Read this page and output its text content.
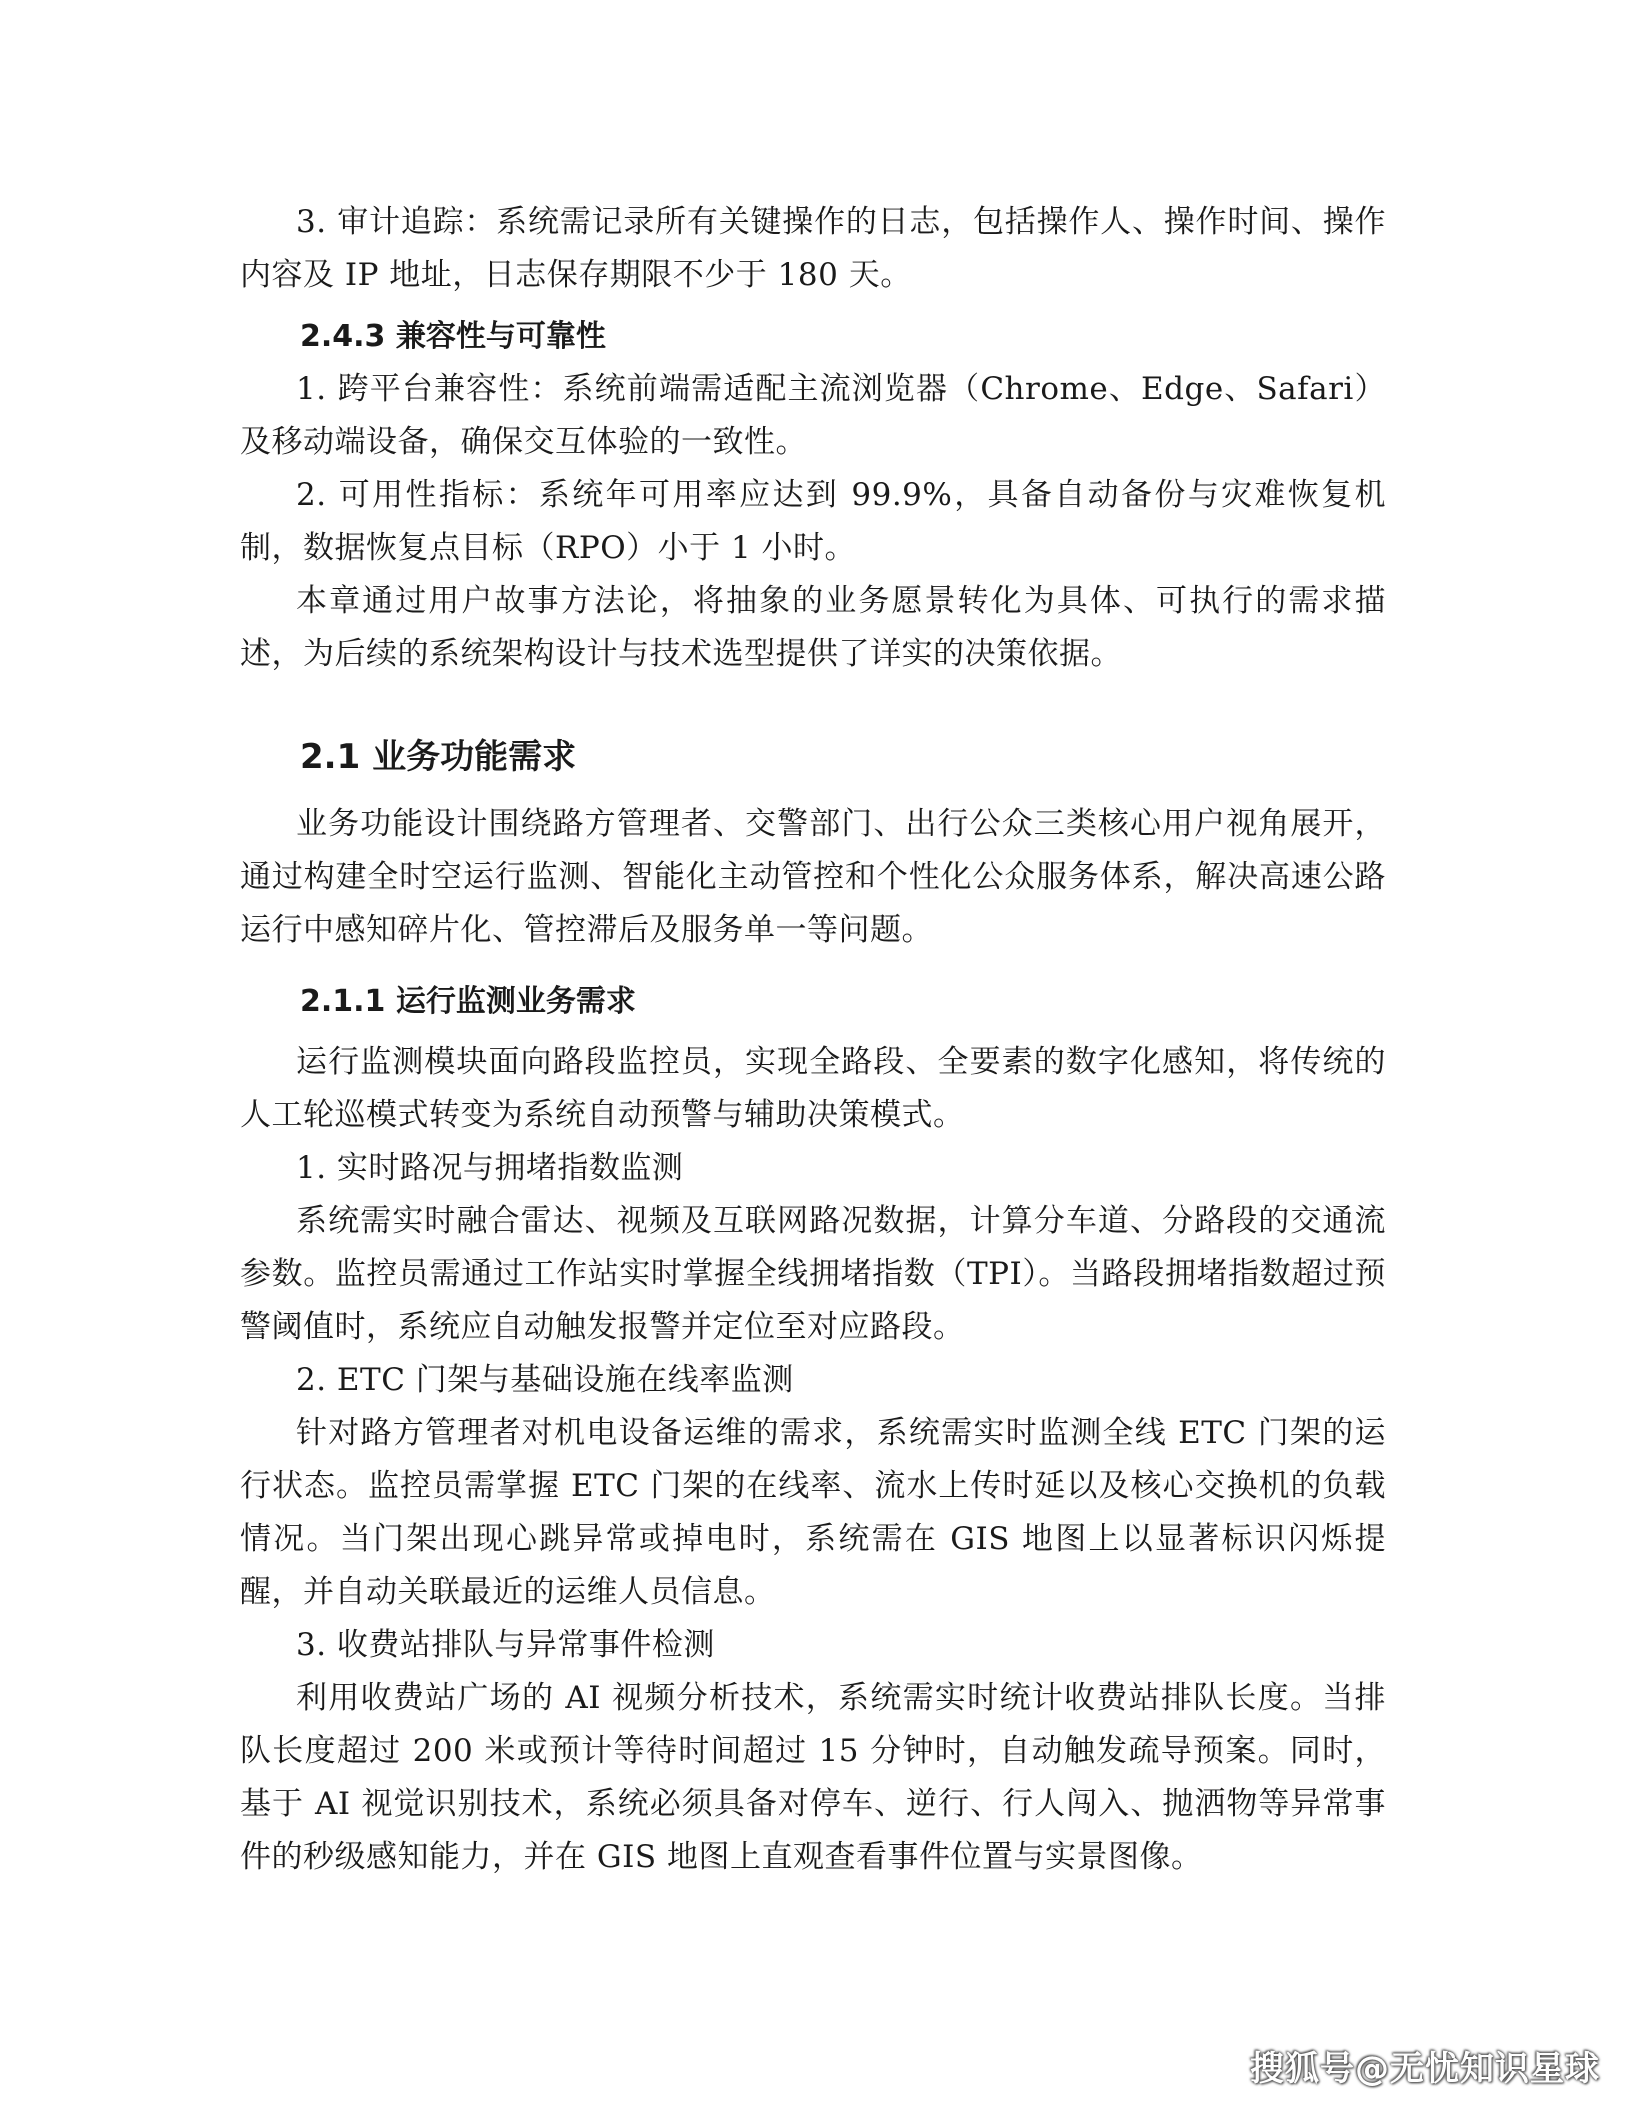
3. 审计追踪：系统需记录所有关键操作的日志，包括操作人、操作时间、操作内容及 IP 地址，日志保存期限不少于 180 天。

2.4.3 兼容性与可靠性

1. 跨平台兼容性：系统前端需适配主流浏览器（Chrome、Edge、Safari）及移动端设备，确保交互体验的一致性。

2. 可用性指标：系统年可用率应达到 99.9%，具备自动备份与灾难恢复机制，数据恢复点目标（RPO）小于 1 小时。

本章通过用户故事方法论，将抽象的业务愿景转化为具体、可执行的需求描述，为后续的系统架构设计与技术选型提供了详实的决策依据。

2.1 业务功能需求

业务功能设计围绕路方管理者、交警部门、出行公众三类核心用户视角展开，通过构建全时空运行监测、智能化主动管控和个性化公众服务体系，解决高速公路运行中感知碎片化、管控滞后及服务单一等问题。

2.1.1 运行监测业务需求

运行监测模块面向路段监控员，实现全路段、全要素的数字化感知，将传统的人工轮巡模式转变为系统自动预警与辅助决策模式。

1. 实时路况与拥堵指数监测

系统需实时融合雷达、视频及互联网路况数据，计算分车道、分路段的交通流参数。监控员需通过工作站实时掌握全线拥堵指数（TPI）。当路段拥堵指数超过预警阈值时，系统应自动触发报警并定位至对应路段。

2. ETC 门架与基础设施在线率监测

针对路方管理者对机电设备运维的需求，系统需实时监测全线 ETC 门架的运行状态。监控员需掌握 ETC 门架的在线率、流水上传时延以及核心交换机的负载情况。当门架出现心跳异常或掉电时，系统需在 GIS 地图上以显著标识闪烁提醒，并自动关联最近的运维人员信息。

3. 收费站排队与异常事件检测

利用收费站广场的 AI 视频分析技术，系统需实时统计收费站排队长度。当排队长度超过 200 米或预计等待时间超过 15 分钟时，自动触发疏导预案。同时，基于 AI 视觉识别技术，系统必须具备对停车、逆行、行人闯入、抛洒物等异常事件的秒级感知能力，并在 GIS 地图上直观查看事件位置与实景图像。

搜狐号@无忧知识星球
